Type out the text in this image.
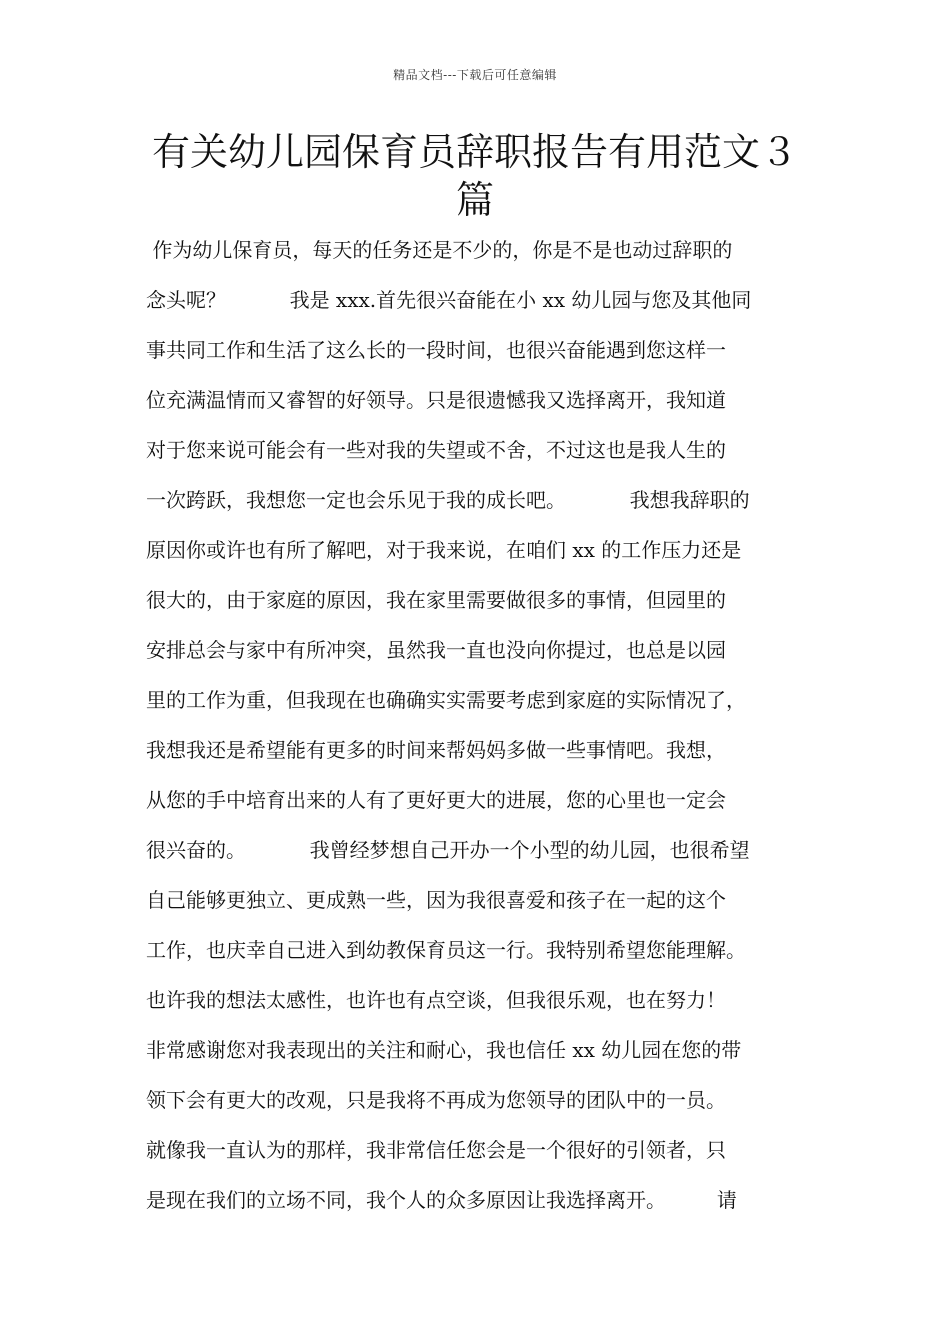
精品文档---下载后可任意编辑
有关幼儿园保育员辞职报告有用范文３
篇
作为幼儿保育员，每天的任务还是不少的，你是不是也动过辞职的
念头呢？          我是 xxx.首先很兴奋能在小 xx 幼儿园与您及其他同
事共同工作和生活了这么长的一段时间，也很兴奋能遇到您这样一
位充满温情而又睿智的好领导。只是很遗憾我又选择离开，我知道
对于您来说可能会有一些对我的失望或不舍，不过这也是我人生的
一次跨跃，我想您一定也会乐见于我的成长吧。          我想我辞职的
原因你或许也有所了解吧，对于我来说，在咱们 xx 的工作压力还是
很大的，由于家庭的原因，我在家里需要做很多的事情，但园里的
安排总会与家中有所冲突，虽然我一直也没向你提过，也总是以园
里的工作为重，但我现在也确确实实需要考虑到家庭的实际情况了，
我想我还是希望能有更多的时间来帮妈妈多做一些事情吧。我想，
从您的手中培育出来的人有了更好更大的进展，您的心里也一定会
很兴奋的。          我曾经梦想自己开办一个小型的幼儿园，也很希望
自己能够更独立、更成熟一些，因为我很喜爱和孩子在一起的这个
工作，也庆幸自己进入到幼教保育员这一行。我特别希望您能理解。
也许我的想法太感性，也许也有点空谈，但我很乐观，也在努力！
非常感谢您对我表现出的关注和耐心，我也信任 xx 幼儿园在您的带
领下会有更大的改观，只是我将不再成为您领导的团队中的一员。
就像我一直认为的那样，我非常信任您会是一个很好的引领者，只
是现在我们的立场不同，我个人的众多原因让我选择离开。        请
